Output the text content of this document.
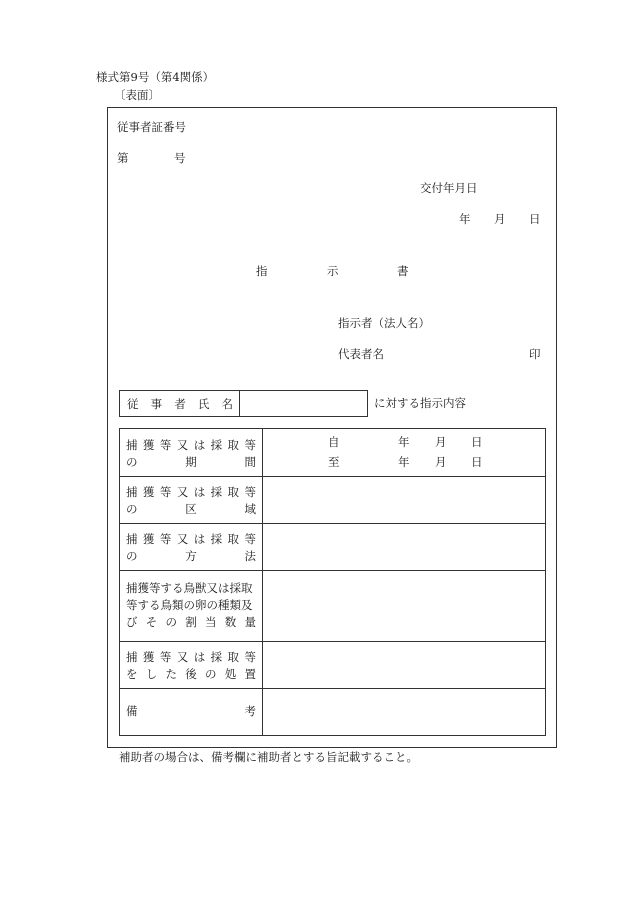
様式第9号（第4関係）
〔表面〕
従事者証番号
第	号
交付年月日
年 月 日
指	示	書
指示者（法人名）
代表者名	印
従 事 者 氏 名	に対する指示内容
捕 獲 等 又 は 採 取 等
の	期	間
自	年 月 日
至	年 月 日
捕 獲 等 又 は 採 取 等
の	区	域
捕 獲 等 又 は 採 取 等
の	方	法
捕獲等する鳥獣又は採取
等する鳥類の卵の種類及
び そ の 割 当 数 量
捕 獲 等 又 は 採 取 等
を し た 後 の 処 置
備	考
補助者の場合は、備考欄に補助者とする旨記載すること。
